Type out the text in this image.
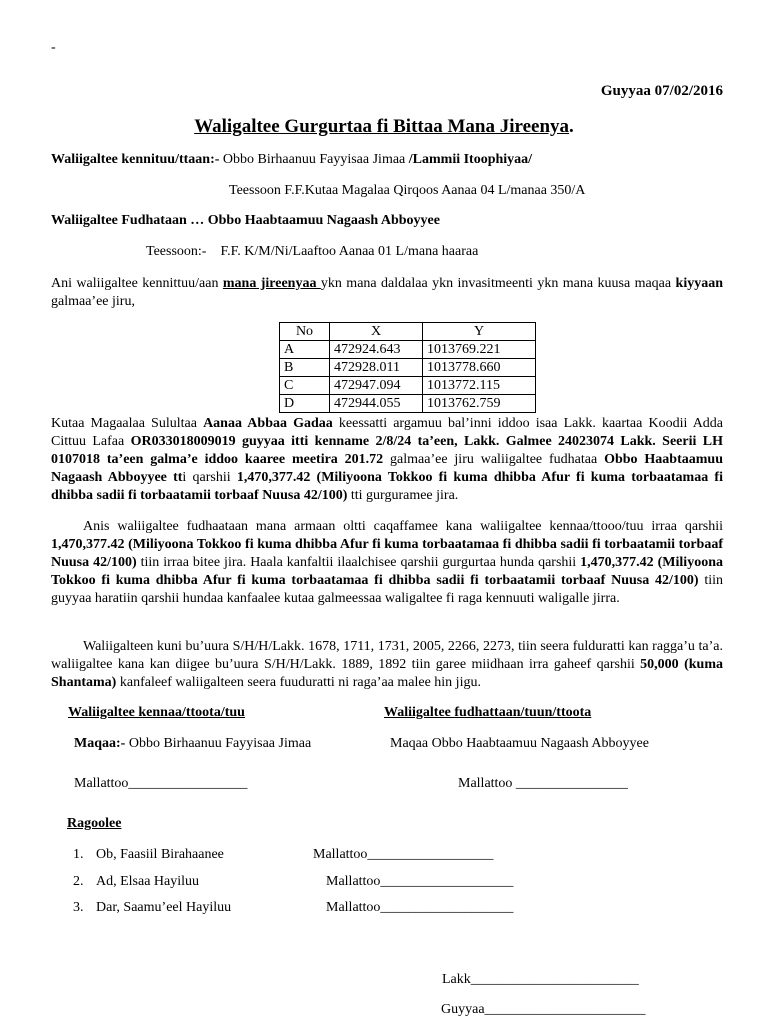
-
Guyyaa 07/02/2016
Waligaltee Gurgurtaa fi Bittaa Mana Jireenya.
Waliigaltee kennituu/ttaan:- Obbo Birhaanuu Fayyisaa Jimaa /Lammii Itoophiyaa/
Teessoon F.F.Kutaa Magalaa Qirqoos Aanaa 04 L/manaa 350/A
Waliigaltee Fudhataan … Obbo Haabtaamuu Nagaash Abboyyee
Teessoon:- F.F. K/M/Ni/Laaftoo Aanaa 01 L/mana haaraa
Ani waliigaltee kennittuu/aan mana jireenyaa ykn mana daldalaa ykn invasitmeenti ykn mana kuusa maqaa kiyyaan galmaa’ee jiru,
No	X	Y
A	472924.643	1013769.221
B	472928.011	1013778.660
C	472947.094	1013772.115
D	472944.055	1013762.759
Kutaa Magaalaa Sulultaa Aanaa Abbaa Gadaa keessatti argamuu bal’inni iddoo isaa Lakk. kaartaa Koodii Adda Cittuu Lafaa OR033018009019 guyyaa itti kenname 2/8/24 ta’een, Lakk. Galmee 24023074 Lakk. Seerii LH 0107018 ta’een galma’e iddoo kaaree meetira 201.72 galmaa’ee jiru waliigaltee fudhataa Obbo Haabtaamuu Nagaash Abboyyee tti qarshii 1,470,377.42 (Miliyoona Tokkoo fi kuma dhibba Afur fi kuma torbaatamaa fi dhibba sadii fi torbaatamii torbaaf Nuusa 42/100) tti gurguramee jira.
Anis waliigaltee fudhaataan mana armaan oltti caqaffamee kana waliigaltee kennaa/ttooo/tuu irraa qarshii 1,470,377.42 (Miliyoona Tokkoo fi kuma dhibba Afur fi kuma torbaatamaa fi dhibba sadii fi torbaatamii torbaaf Nuusa 42/100) tiin irraa bitee jira. Haala kanfaltii ilaalchisee qarshii gurgurtaa hunda qarshii 1,470,377.42 (Miliyoona Tokkoo fi kuma dhibba Afur fi kuma torbaatamaa fi dhibba sadii fi torbaatamii torbaaf Nuusa 42/100) tiin guyyaa haratiin qarshii hundaa kanfaalee kutaa galmeessaa waligaltee fi raga kennuuti waligalle jirra.
Waliigalteen kuni bu’uura S/H/H/Lakk. 1678, 1711, 1731, 2005, 2266, 2273, tiin seera fulduratti kan ragga’u ta’a. waliigaltee kana kan diigee bu’uura S/H/H/Lakk. 1889, 1892 tiin garee miidhaan irra gaheef qarshii 50,000 (kuma Shantama) kanfaleef waliigalteen seera fuuduratti ni raga’aa malee hin jigu.
Waliigaltee kennaa/ttoota/tuu	Waliigaltee fudhattaan/tuun/ttoota
Maqaa:- Obbo Birhaanuu Fayyisaa Jimaa	Maqaa Obbo Haabtaamuu Nagaash Abboyyee
Mallattoo_________________	Mallattoo ________________
Ragoolee
1. Ob, Faasiil Birahaanee	Mallattoo__________________
2. Ad, Elsaa Hayiluu	Mallattoo___________________
3. Dar, Saamu’eel Hayiluu	Mallattoo___________________
Lakk________________________
Guyyaa_______________________
